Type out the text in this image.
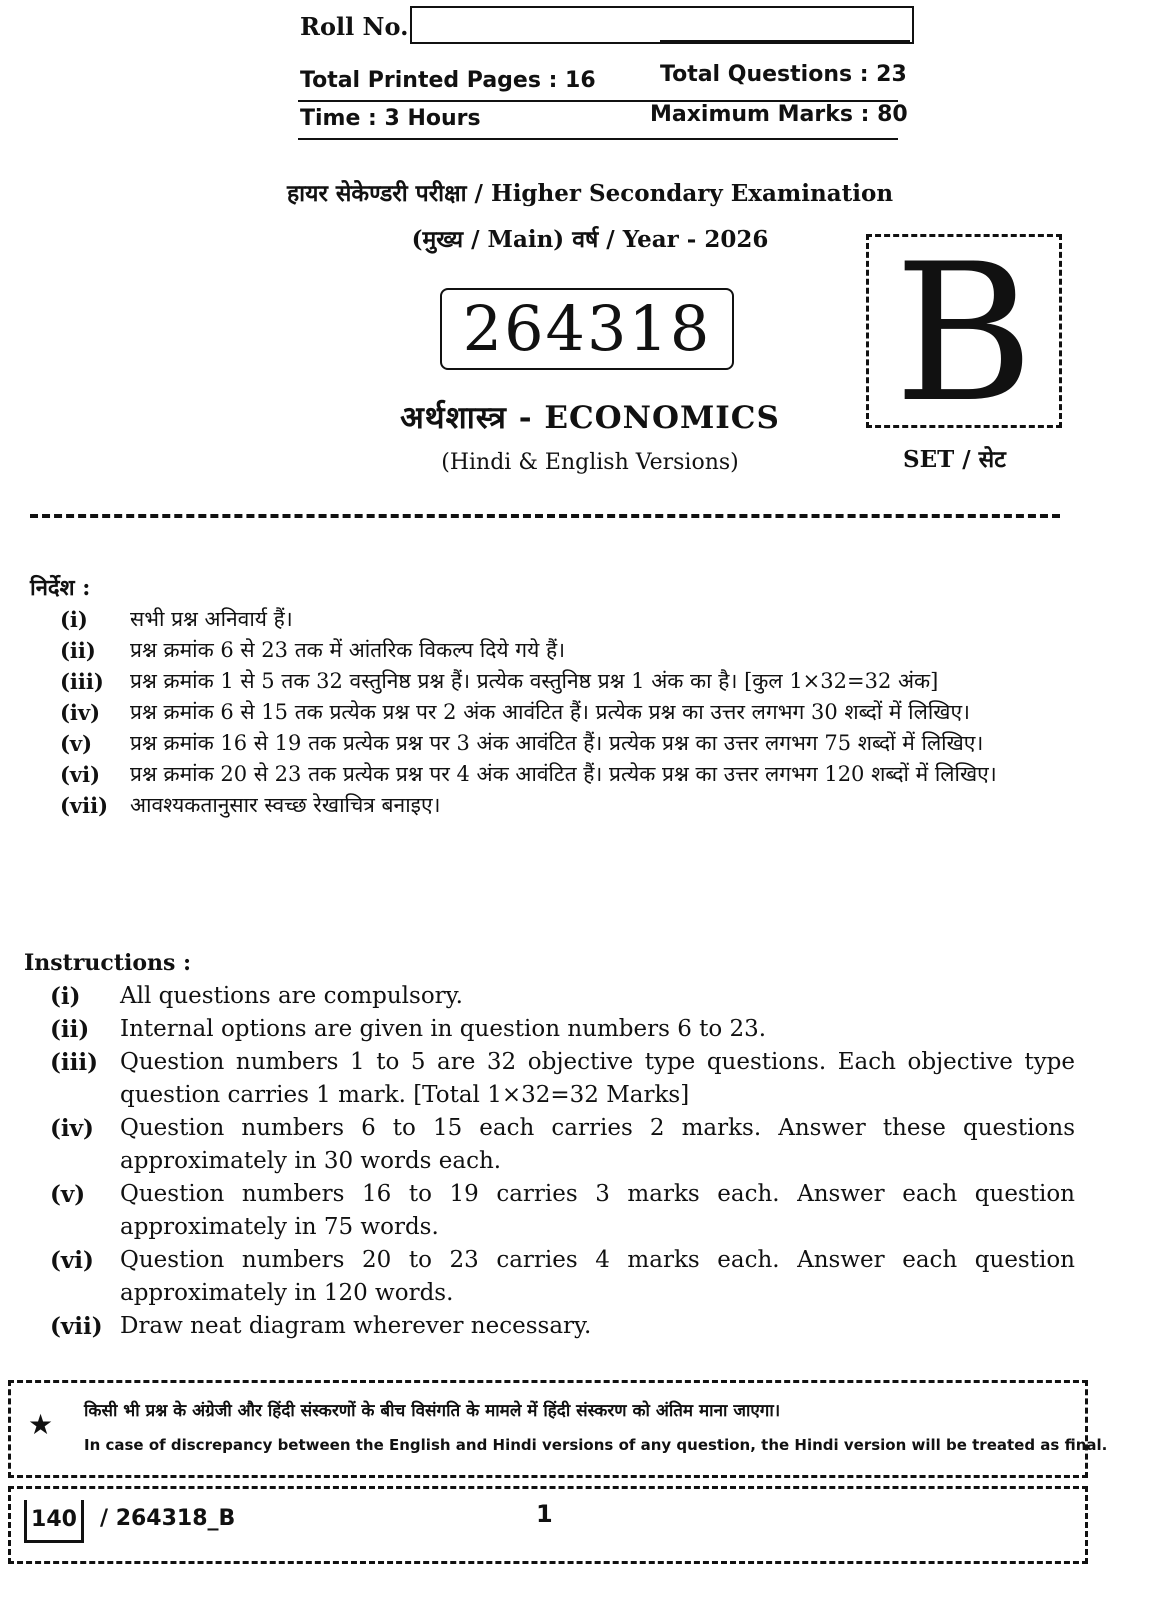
Roll No.
Total Printed Pages : 16	Total Questions : 23
Time : 3 Hours	Maximum Marks : 80
हायर सेकेण्डरी परीक्षा / Higher Secondary Examination
(मुख्य / Main) वर्ष / Year - 2026
264318 B
SET / सेट
अर्थशास्त्र - ECONOMICS
(Hindi & English Versions)
निर्देश :
(i)	सभी प्रश्न अनिवार्य हैं।
(ii)	प्रश्न क्रमांक 6 से 23 तक में आंतरिक विकल्प दिये गये हैं।
(iii)	प्रश्न क्रमांक 1 से 5 तक 32 वस्तुनिष्ठ प्रश्न हैं। प्रत्येक वस्तुनिष्ठ प्रश्न 1 अंक का है। [कुल 1×32=32 अंक]
(iv)	प्रश्न क्रमांक 6 से 15 तक प्रत्येक प्रश्न पर 2 अंक आवंटित हैं। प्रत्येक प्रश्न का उत्तर लगभग 30 शब्दों में लिखिए।
(v)	प्रश्न क्रमांक 16 से 19 तक प्रत्येक प्रश्न पर 3 अंक आवंटित हैं। प्रत्येक प्रश्न का उत्तर लगभग 75 शब्दों में लिखिए।
(vi)	प्रश्न क्रमांक 20 से 23 तक प्रत्येक प्रश्न पर 4 अंक आवंटित हैं। प्रत्येक प्रश्न का उत्तर लगभग 120 शब्दों में लिखिए।
(vii)	आवश्यकतानुसार स्वच्छ रेखाचित्र बनाइए।
Instructions :
(i)	All questions are compulsory.
(ii)	Internal options are given in question numbers 6 to 23.
(iii) Question numbers 1 to 5 are 32 objective type questions. Each objective type question carries 1 mark. [Total 1×32=32 Marks]
(iv)	Question numbers 6 to 15 each carries 2 marks. Answer these questions approximately in 30 words each.
(v)	Question numbers 16 to 19 carries 3 marks each. Answer each question approximately in 75 words.
(vi)	Question numbers 20 to 23 carries 4 marks each. Answer each question approximately in 120 words.
(vii) Draw neat diagram wherever necessary.
★ किसी भी प्रश्न के अंग्रेजी और हिंदी संस्करणों के बीच विसंगति के मामले में हिंदी संस्करण को अंतिम माना जाएगा।
In case of discrepancy between the English and Hindi versions of any question, the Hindi version will be treated as final.
140	/ 264318_B	1
